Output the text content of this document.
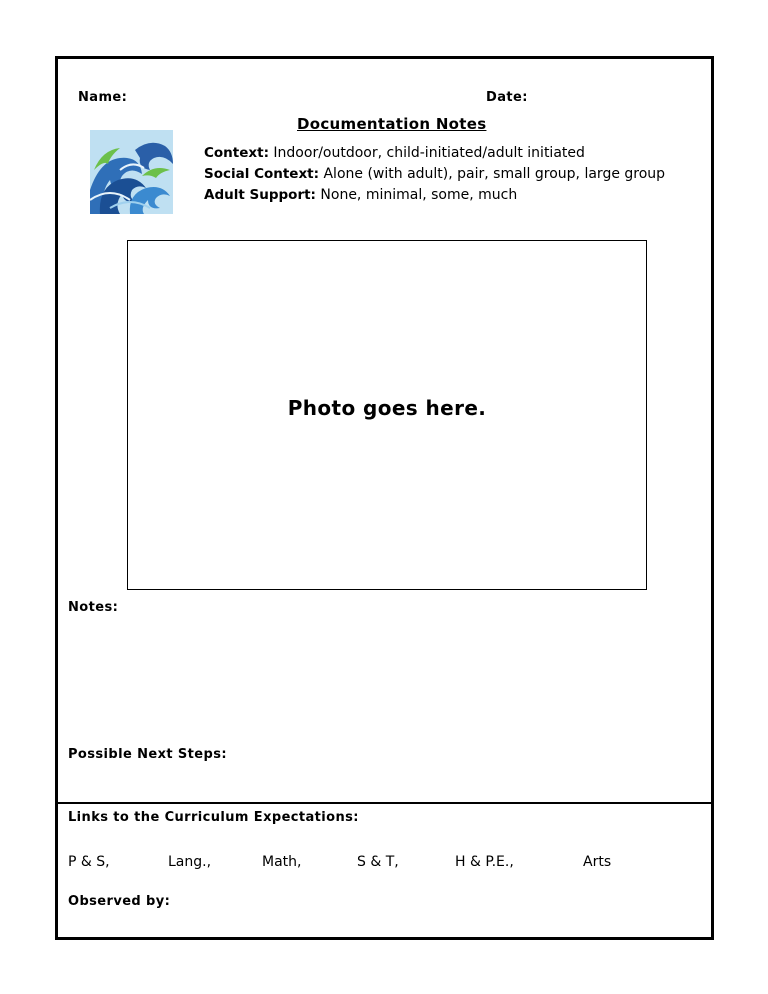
Name:	Date:
Documentation Notes
Context: Indoor/outdoor, child-initiated/adult initiated
Social Context: Alone (with adult), pair, small group, large group
Adult Support: None, minimal, some, much
Photo goes here.
Notes:
Possible Next Steps:
Links to the Curriculum Expectations:
P & S,	Lang.,	Math,	S & T,	H & P.E.,	Arts
Observed by:
